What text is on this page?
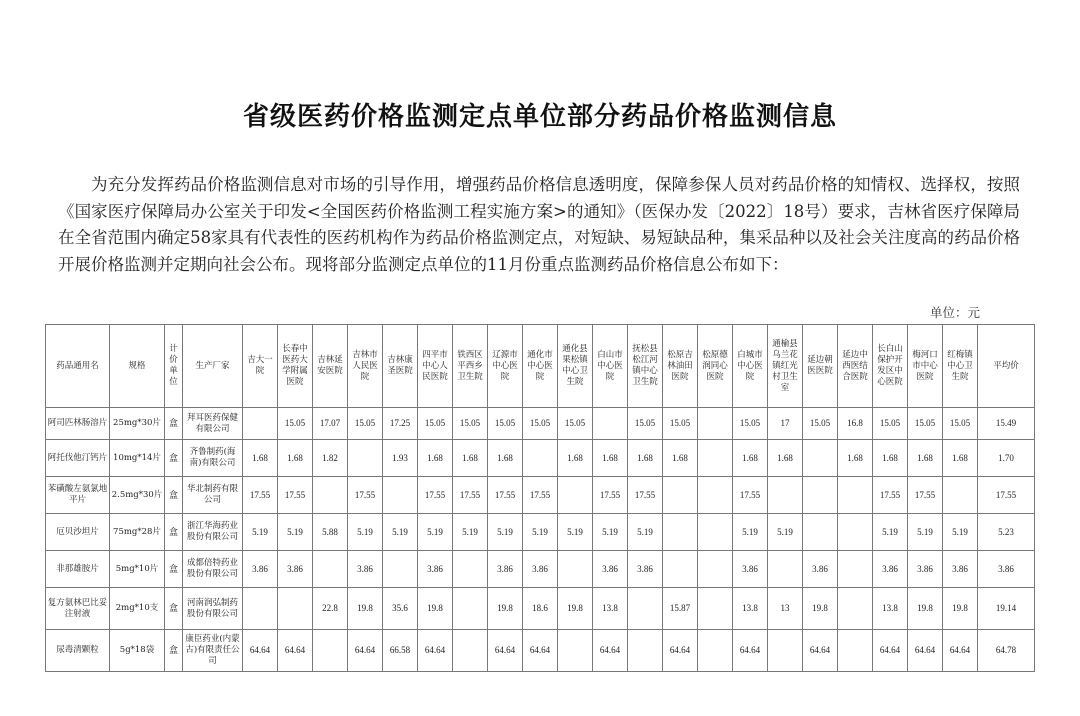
省级医药价格监测定点单位部分药品价格监测信息

为充分发挥药品价格监测信息对市场的引导作用，增强药品价格信息透明度，保障参保人员对药品价格的知情权、选择权，按照《国家医疗保障局办公室关于印发<全国医药价格监测工程实施方案>的通知》（医保办发〔2022〕18号）要求，吉林省医疗保障局在全省范围内确定58家具有代表性的医药机构作为药品价格监测定点，对短缺、易短缺品种，集采品种以及社会关注度高的药品价格开展价格监测并定期向社会公布。现将部分监测定点单位的11月份重点监测药品价格信息公布如下：

单位：元
药品通用名	规格	计价单位	生产厂家	吉大一院	长春中医药大学附属医院	吉林延安医院	吉林市人民医院	吉林康圣医院	四平市中心人民医院	铁西区平西乡卫生院	辽源市中心医院	通化市中心医院	通化县果松镇中心卫生院	白山市中心医院	抚松县松江河镇中心卫生院	松原吉林油田医院	松原德润同心医院	白城市中心医院	通榆县乌兰花镇红光村卫生室	延边朝医医院	延边中西医结合医院	长白山保护开发区中心医院	梅河口市中心医院	红梅镇中心卫生院	平均价
阿司匹林肠溶片	25mg*30片	盒	拜耳医药保健有限公司		15.05	17.07	15.05	17.25	15.05	15.05	15.05	15.05	15.05		15.05	15.05		15.05	17	15.05	16.8	15.05	15.05	15.05	15.49
阿托伐他汀钙片	10mg*14片	盒	齐鲁制药(海南)有限公司	1.68	1.68	1.82		1.93	1.68	1.68	1.68		1.68	1.68	1.68	1.68		1.68	1.68		1.68	1.68	1.68	1.68	1.70
苯磺酸左氨氯地平片	2.5mg*30片	盒	华北制药有限公司	17.55	17.55		17.55		17.55	17.55	17.55	17.55		17.55	17.55			17.55				17.55	17.55		17.55
厄贝沙坦片	75mg*28片	盒	浙江华海药业股份有限公司	5.19	5.19	5.88	5.19	5.19	5.19	5.19	5.19	5.19	5.19	5.19	5.19			5.19	5.19			5.19	5.19	5.19	5.23
非那雄胺片	5mg*10片	盒	成都倍特药业股份有限公司	3.86	3.86		3.86		3.86		3.86	3.86		3.86	3.86			3.86		3.86		3.86	3.86	3.86	3.86
复方氨林巴比妥注射液	2mg*10支	盒	河南润弘制药股份有限公司			22.8	19.8	35.6	19.8		19.8	18.6	19.8	13.8		15.87		13.8	13	19.8		13.8	19.8	19.8	19.14
尿毒清颗粒	5g*18袋	盒	康臣药业(内蒙古)有限责任公司	64.64	64.64		64.64	66.58	64.64		64.64	64.64		64.64		64.64		64.64		64.64		64.64	64.64	64.64	64.78
